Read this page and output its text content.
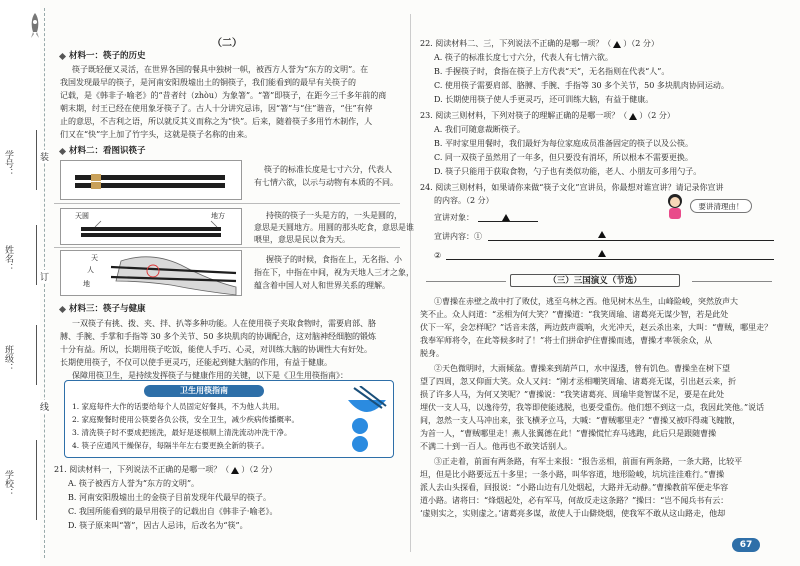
学号：
姓名：
班级：
学校：
装
订
线
（二）
材料一：筷子的历史
筷子既轻便又灵活，在世界各国的餐具中独树一帜，被西方人誉为“东方的文明”。在
我国发现最早的筷子，是河南安阳殷墟出土的铜筷子，我们能看到的最早有关筷子的
记载，是《韩非子·喻老》的“昔者纣（zhòu）为象箸”。“箸”即筷子，在距今三千多年前的商
朝末期，纣王已经在使用象牙筷子了。古人十分讲究忌讳，因“箸”与“住”谐音，“住”有停
止的意思，不吉利之语，所以就反其义而称之为“快”。后来，随着筷子多用竹木制作，人
们又在“快”字上加了竹字头，这就是筷子名称的由来。
材料二：看图识筷子
筷子的标准长度是七寸六分，代表人
有七情六欲，以示与动物有本质的不同。
天圆	地方	持筷的筷子一头是方的，一头是圆的，
意思是天圆地方。用圆的那头吃食，意思是谁
喂里，意思是民以食为天。
天
人
地
握筷子的时候，食指在上，无名指、小
指在下，中指在中间，视为天地人三才之象，
蕴含着中国人对人和世界关系的理解。
材料三：筷子与健康
一双筷子有挑、拨、夹、拌、扒等多种功能。人在使用筷子夹取食物时，需要肩部、胳
膊、手腕、手掌和手指等 30 多个关节、50 多块肌肉的协调配合，这对脑神经细胞的锻炼
十分有益。所以，长期用筷子吃饭，能使人手巧、心灵，对训练大脑的协调性大有好处。
长期使用筷子，不仅可以使手更灵巧，还能起到健大脑的作用，有益于健康。
保障用筷卫生，是持续发挥筷子与健康作用的关键，以下是《卫生用筷指南》：
卫生用筷指南
1. 家庭每件大作的话要给每个人员固定好餐具，不为他人共用。
2. 家庭聚餐时使用公筷要各负公筷，安全卫生，减少疾病传播概率。
3. 清洗筷子时不要成把搓洗，最好是逐根顺上清洗流动冲洗干净。
4. 筷子应通风干燥保存，每隔半年左右要更换全新的筷子。
21. 阅读材料一，下列说法不正确的是哪一项？（ ）（2 分）
A. 筷子被西方人誉为“东方的文明”。
B. 河南安阳殷墟出土的金筷子目前发现年代最早的筷子。
C. 我国所能看到的最早用筷子的记载出自《韩非子·喻老》。
D. 筷子原来叫“箸”，因古人忌讳，后改名为“筷”。
22. 阅读材料二、三，下列说法不正确的是哪一项？（ ）（2 分）
A. 筷子的标准长度七寸六分，代表人有七情六欲。
B. 手握筷子时，食指在筷子上方代表“天”，无名指则在代表“人”。
C. 使用筷子需要肩部、胳膊、手腕、手指等 30 多个关节，50 多块肌肉协同运动。
D. 长期使用筷子使人手更灵巧，还可训练大脑，有益于健康。
23. 阅读三则材料，下列对筷子的理解正确的是哪一项？（ ）（2 分）
A. 我们可随意裁断筷子。
B. 平时家里用餐时，我们最好为每位家庭成员准备固定的筷子以及公筷。
C. 同一双筷子虽然用了一年多，但只要没有消坏，所以根本不需要更换。
D. 筷子只能用于获取食物，勺子也有类似功能，老人、小朋友可多用勺子。
24. 阅读三则材料，如果请你来做“筷子文化”宣讲员，你最想对谁宣讲？请记录你宣讲
的内容。（2 分）
宣讲对象：
宣讲内容：①
②
①曹操在赤壁之战中打了败仗，逃至乌林之西。他见树木丛生，山峰险峻，突然放声大
笑不止。众人问道：“丞相为何大笑？”曹操道：“我笑周瑜、诸葛亮无谋少智，若是此处
伏下一军，会怎样呢？”话音未落，两边鼓声震响，火光冲天，赵云杀出来，大叫：“曹贼，哪里走？
我奉军师将令，在此等候多时了！”将士们拼命护住曹操而逃，曹操才率领余众，从
脱身。
②天色微明时，大雨倾盆。曹操来到葫芦口，水中湿透，曾有饥色。曹操坐在树下望
望了四周，忽又仰面大笑。众人又问：“刚才丞相嘲笑周瑜、诸葛亮无谋，引出赵云来，折
损了许多人马，为何又笑呢？”曹操说：“我笑诸葛亮、周瑜毕竟智谋不足，要是在此处
埋伏一支人马，以逸待劳，我等即使能逃脱，也要受重伤。他们想不到这一点，我因此笑他。”说话
间，忽然一支人马冲出来，张飞横矛立马，大喊：“曹贼哪里走？”曹操又被吓得魂飞魄散，
为首一人，“曹贼哪里走！燕人张翼德在此！”曹操慌忙弃马逃跑，此后只是跟随曹操
不满二十到一百人。他再也不敢笑话别人。
③正走着，前面有两条路，有军士来报：“报告丞相，前面有两条路，一条大路，比较平
坦，但是比小路要远五十多里；一条小路，叫华容道，地形险峻，坑坑洼洼难行。”曹操
派人去山头探看，回报说：“小路山边有几处烟起，大路并无动静。”曹操教前军便走华容
道小路。诸将曰：“烽烟起处，必有军马，何故反走这条路？”操曰：“岂不闻兵书有云：
‘虚则实之，实则虚之。’诸葛亮多谋，故使人于山僻烧烟，使我军不敢从这山路走，他却
（三）三国演义（节选）
要讲清理由！
67
